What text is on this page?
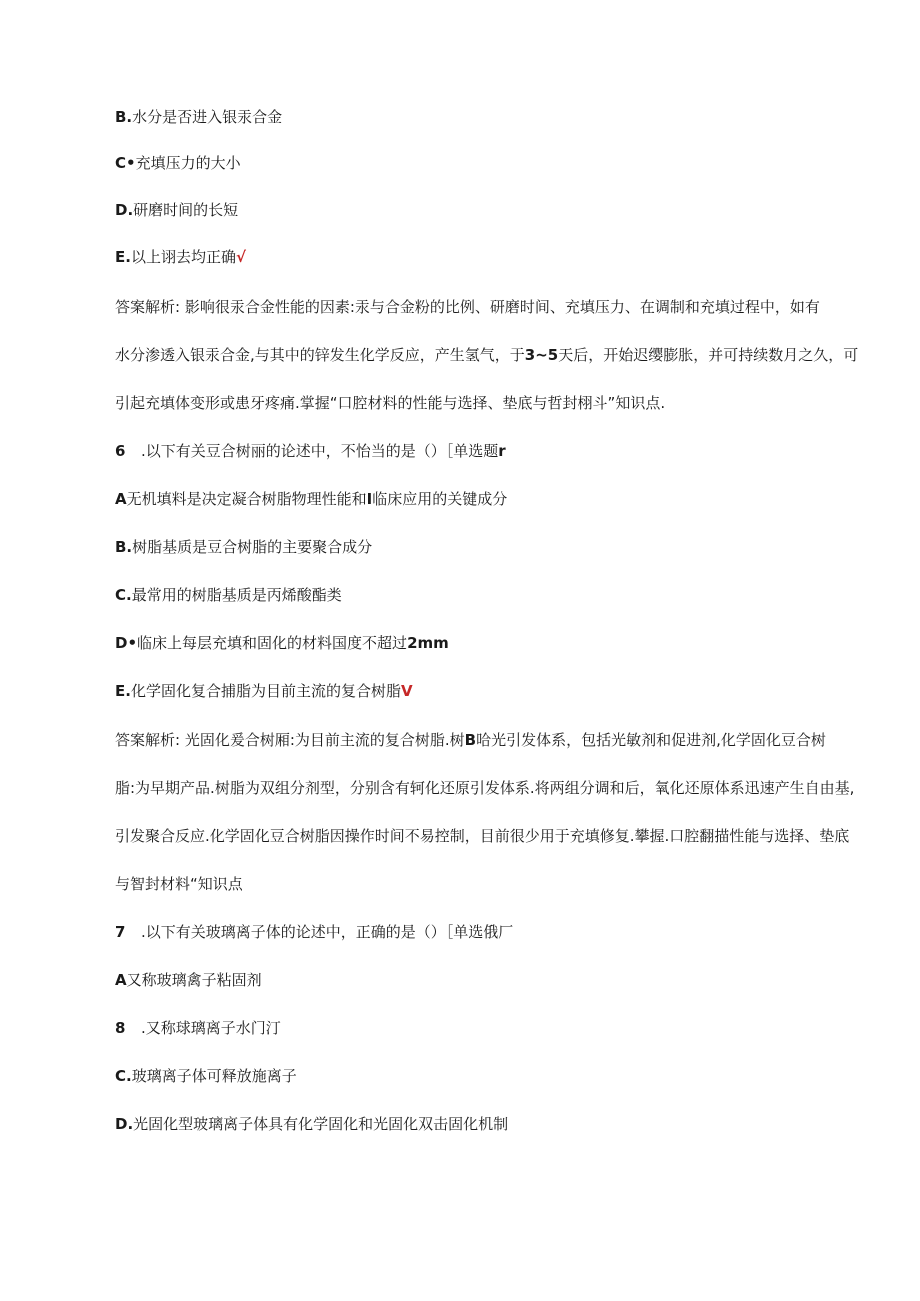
B.水分是否进入银汞合金
C•充填压力的大小
D.研磨时间的长短
E.以上诩去均正确√
答案解析: 影响很汞合金性能的因素:汞与合金粉的比例、研磨时间、充填压力、在调制和充填过程中，如有
水分渗透入银汞合金,与其中的锌发生化学反应，产生氢气，于3~5天后，开始迟缨膨胀，并可持续数月之久，可
引起充填体变形或患牙疼痛.掌握“口腔材料的性能与选择、垫底与哲封栩斗”知识点.
6 .以下有关豆合树丽的论述中，不怡当的是（）［单选题r
A无机填料是决定凝合树脂物理性能和I临床应用的关键成分
B.树脂基质是豆合树脂的主要聚合成分
C.最常用的树脂基质是丙烯酸酯类
D•临床上每层充填和固化的材料国度不超过2mm
E.化学固化复合捕脂为目前主流的复合树脂V
答案解析: 光固化爰合树厢:为目前主流的复合树脂.树B哈光引发体系，包括光敏剂和促进剂,化学固化豆合树
脂:为早期产品.树脂为双组分剂型，分别含有轲化还原引发体系.将两组分调和后，氧化还原体系迅速产生自由基,
引发聚合反应.化学固化豆合树脂因操作时间不易控制，目前很少用于充填修复.攀握.口腔翻描性能与选择、垫底
与智封材料“知识点
7 .以下有关玻璃离子体的论述中，正确的是（）［单选俄厂
A又称玻璃禽子粘固剂
8 .又称球璃离子水门汀
C.玻璃离子体可释放施离子
D.光固化型玻璃离子体具有化学固化和光固化双击固化机制
